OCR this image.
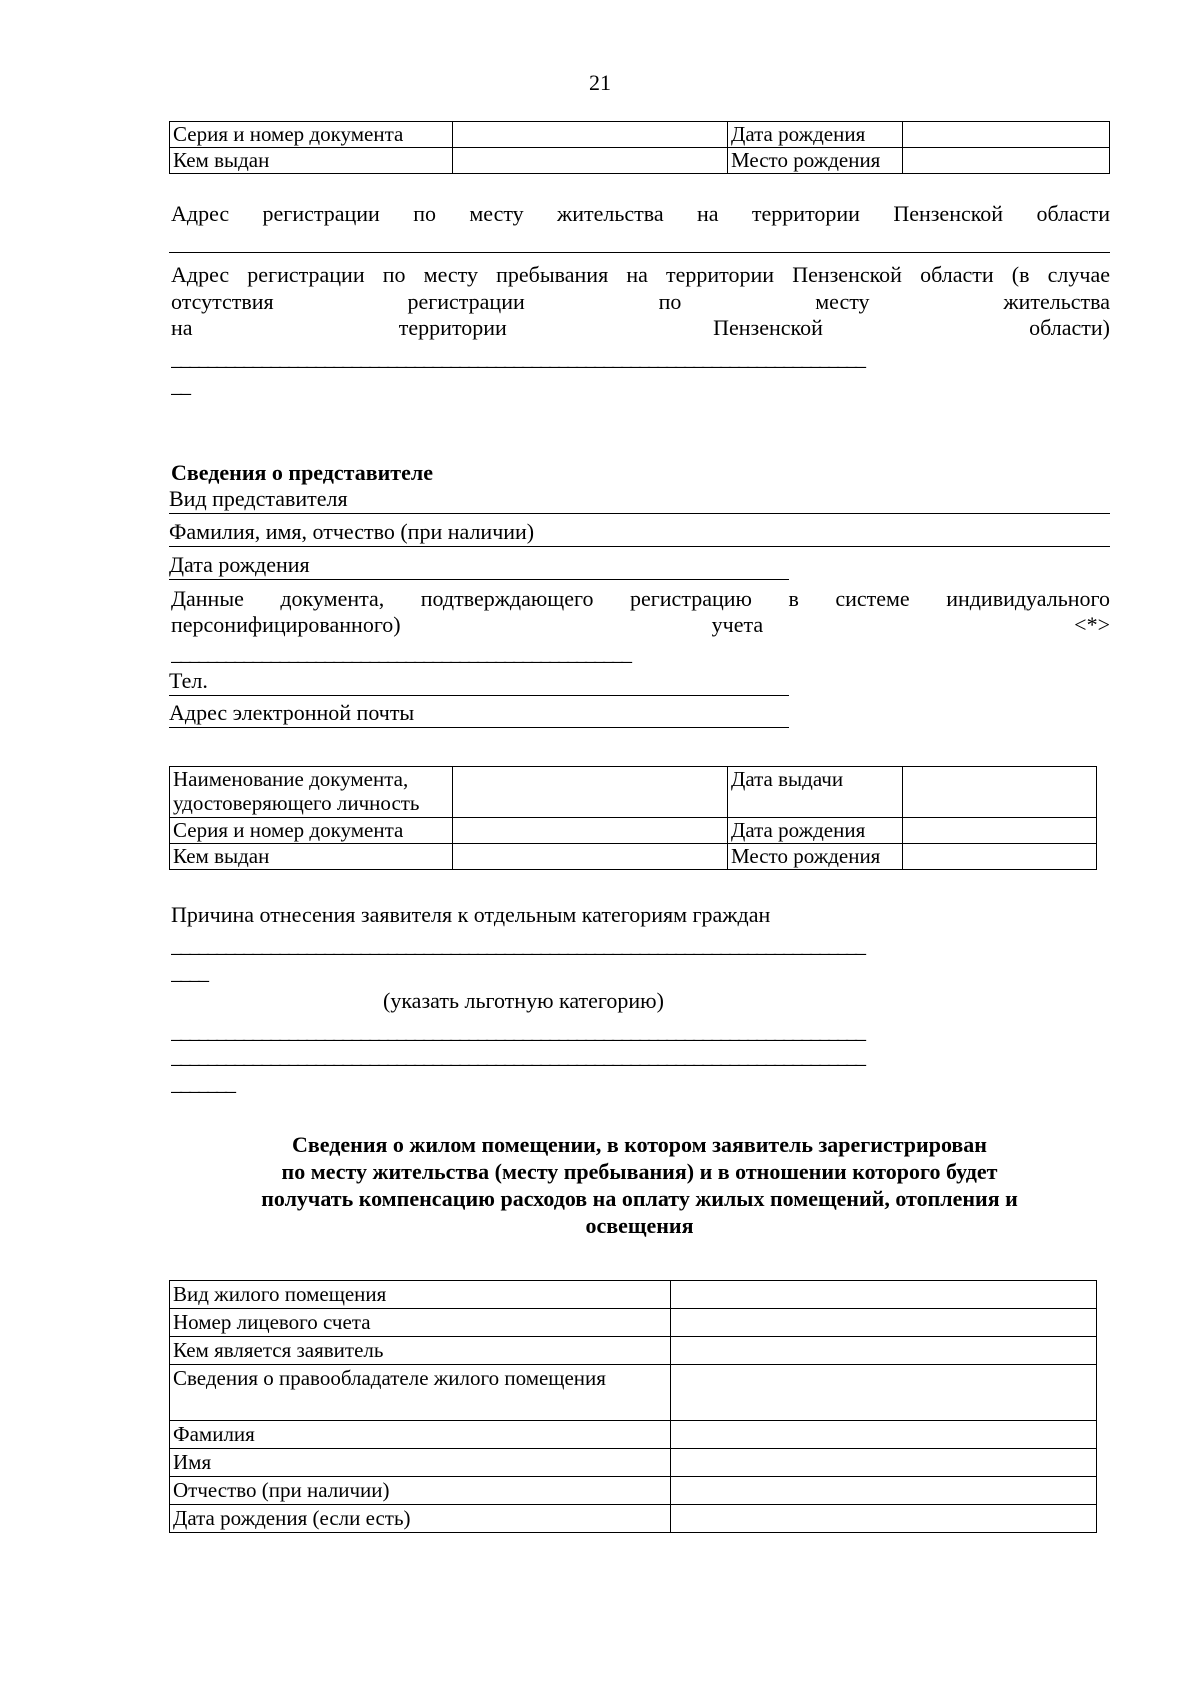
21
Серия и номер документа		Дата рождения	
Кем выдан		Место рождения	
Адрес регистрации по месту жительства на территории Пензенской области
Адрес регистрации по месту пребывания на территории Пензенской области (в случае
отсутствия регистрации по месту жительства
на территории Пензенской области)
_____________________________________________________________________________
__
Сведения о представителе
Вид представителя
Фамилия, имя, отчество (при наличии)
Дата рождения
Данные документа, подтверждающего регистрацию в системе индивидуального
персонифицированного) учета <*>
___________________________________________________
Тел.
Адрес электронной почты
Наименование документа, удостоверяющего личность		Дата выдачи	
Серия и номер документа		Дата рождения	
Кем выдан		Место рождения	
Причина отнесения заявителя к отдельным категориям граждан
_____________________________________________________________________________
____
(указать льготную категорию)
_____________________________________________________________________________
_____________________________________________________________________________
_______
Сведения о жилом помещении, в котором заявитель зарегистрирован
по месту жительства (месту пребывания) и в отношении которого будет
получать компенсацию расходов на оплату жилых помещений, отопления и
освещения
Вид жилого помещения	
Номер лицевого счета	
Кем является заявитель	
Сведения о правообладателе жилого помещения	
Фамилия	
Имя	
Отчество (при наличии)	
Дата рождения (если есть)	
